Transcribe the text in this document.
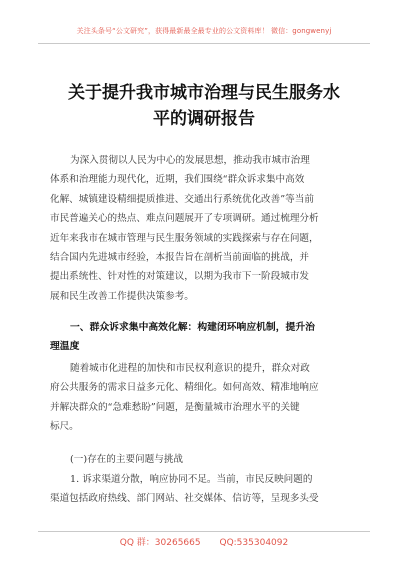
关注头条号“公文研究”，获得最新最全最专业的公文资料库！ 微信：gongwenyj
关于提升我市城市治理与民生服务水
平的调研报告
为深入贯彻以人民为中心的发展思想，推动我市城市治理
体系和治理能力现代化，近期，我们围绕“群众诉求集中高效
化解、城镇建设精细提质推进、交通出行系统优化改善”等当前
市民普遍关心的热点、难点问题展开了专项调研。通过梳理分析
近年来我市在城市管理与民生服务领域的实践探索与存在问题，
结合国内先进城市经验，本报告旨在剖析当前面临的挑战，并
提出系统性、针对性的对策建议，以期为我市下一阶段城市发
展和民生改善工作提供决策参考。
一、群众诉求集中高效化解：构建闭环响应机制，提升治
理温度
随着城市化进程的加快和市民权利意识的提升，群众对政
府公共服务的需求日益多元化、精细化。如何高效、精准地响应
并解决群众的“急难愁盼”问题，是衡量城市治理水平的关键
标尺。
(一)存在的主要问题与挑战
1. 诉求渠道分散，响应协同不足。当前，市民反映问题的
渠道包括政府热线、部门网站、社交媒体、信访等，呈现多头受
QQ 群：30265665 QQ:535304092
